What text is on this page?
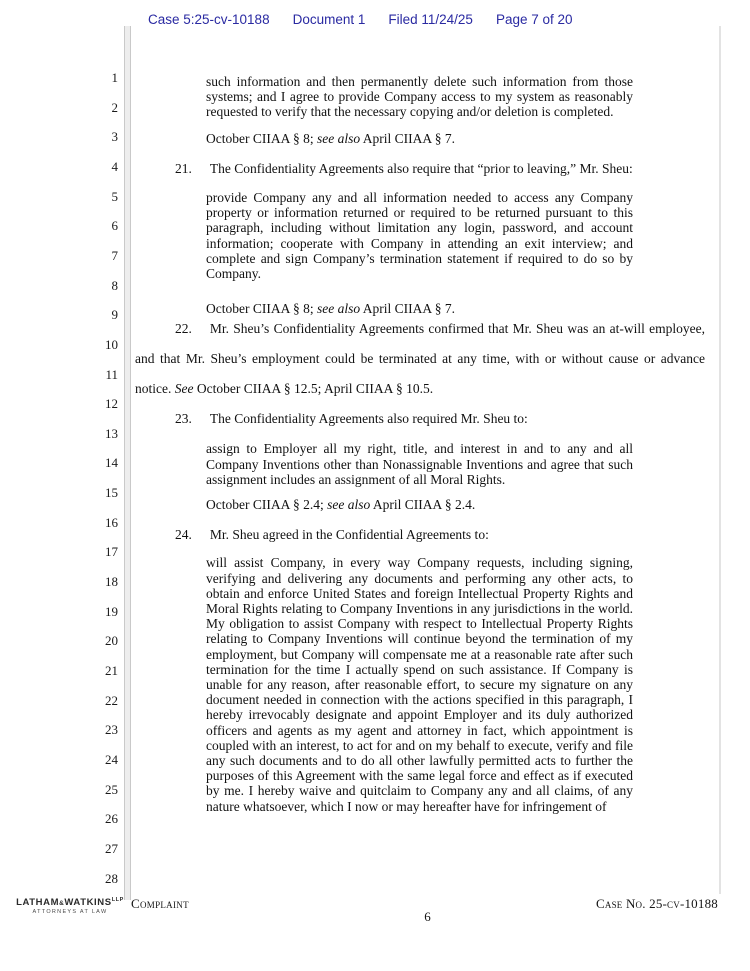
Case 5:25-cv-10188 Document 1 Filed 11/24/25 Page 7 of 20
1
2
3
4
5
6
7
8
9
10
11
12
13
14
15
16
17
18
19
20
21
22
23
24
25
26
27
28

such information and then permanently delete such information from those systems; and I agree to provide Company access to my system as reasonably requested to verify that the necessary copying and/or deletion is completed.

October CIIAA § 8; see also April CIIAA § 7.

21. The Confidentiality Agreements also require that “prior to leaving,” Mr. Sheu:

provide Company any and all information needed to access any Company property or information returned or required to be returned pursuant to this paragraph, including without limitation any login, password, and account information; cooperate with Company in attending an exit interview; and complete and sign Company’s termination statement if required to do so by Company.

October CIIAA § 8; see also April CIIAA § 7.

22. Mr. Sheu’s Confidentiality Agreements confirmed that Mr. Sheu was an at-will employee, and that Mr. Sheu’s employment could be terminated at any time, with or without cause or advance notice. See October CIIAA § 12.5; April CIIAA § 10.5.

23. The Confidentiality Agreements also required Mr. Sheu to:

assign to Employer all my right, title, and interest in and to any and all Company Inventions other than Nonassignable Inventions and agree that such assignment includes an assignment of all Moral Rights.

October CIIAA § 2.4; see also April CIIAA § 2.4.

24. Mr. Sheu agreed in the Confidential Agreements to:

will assist Company, in every way Company requests, including signing, verifying and delivering any documents and performing any other acts, to obtain and enforce United States and foreign Intellectual Property Rights and Moral Rights relating to Company Inventions in any jurisdictions in the world. My obligation to assist Company with respect to Intellectual Property Rights relating to Company Inventions will continue beyond the termination of my employment, but Company will compensate me at a reasonable rate after such termination for the time I actually spend on such assistance. If Company is unable for any reason, after reasonable effort, to secure my signature on any document needed in connection with the actions specified in this paragraph, I hereby irrevocably designate and appoint Employer and its duly authorized officers and agents as my agent and attorney in fact, which appointment is coupled with an interest, to act for and on my behalf to execute, verify and file any such documents and to do all other lawfully permitted acts to further the purposes of this Agreement with the same legal force and effect as if executed by me. I hereby waive and quitclaim to Company any and all claims, of any nature whatsoever, which I now or may hereafter have for infringement of

$LATHAM\&WATKINS^{LLP}$
ATTORNEYS AT LAW
Complaint
6
Case No. 25-cv-10188
